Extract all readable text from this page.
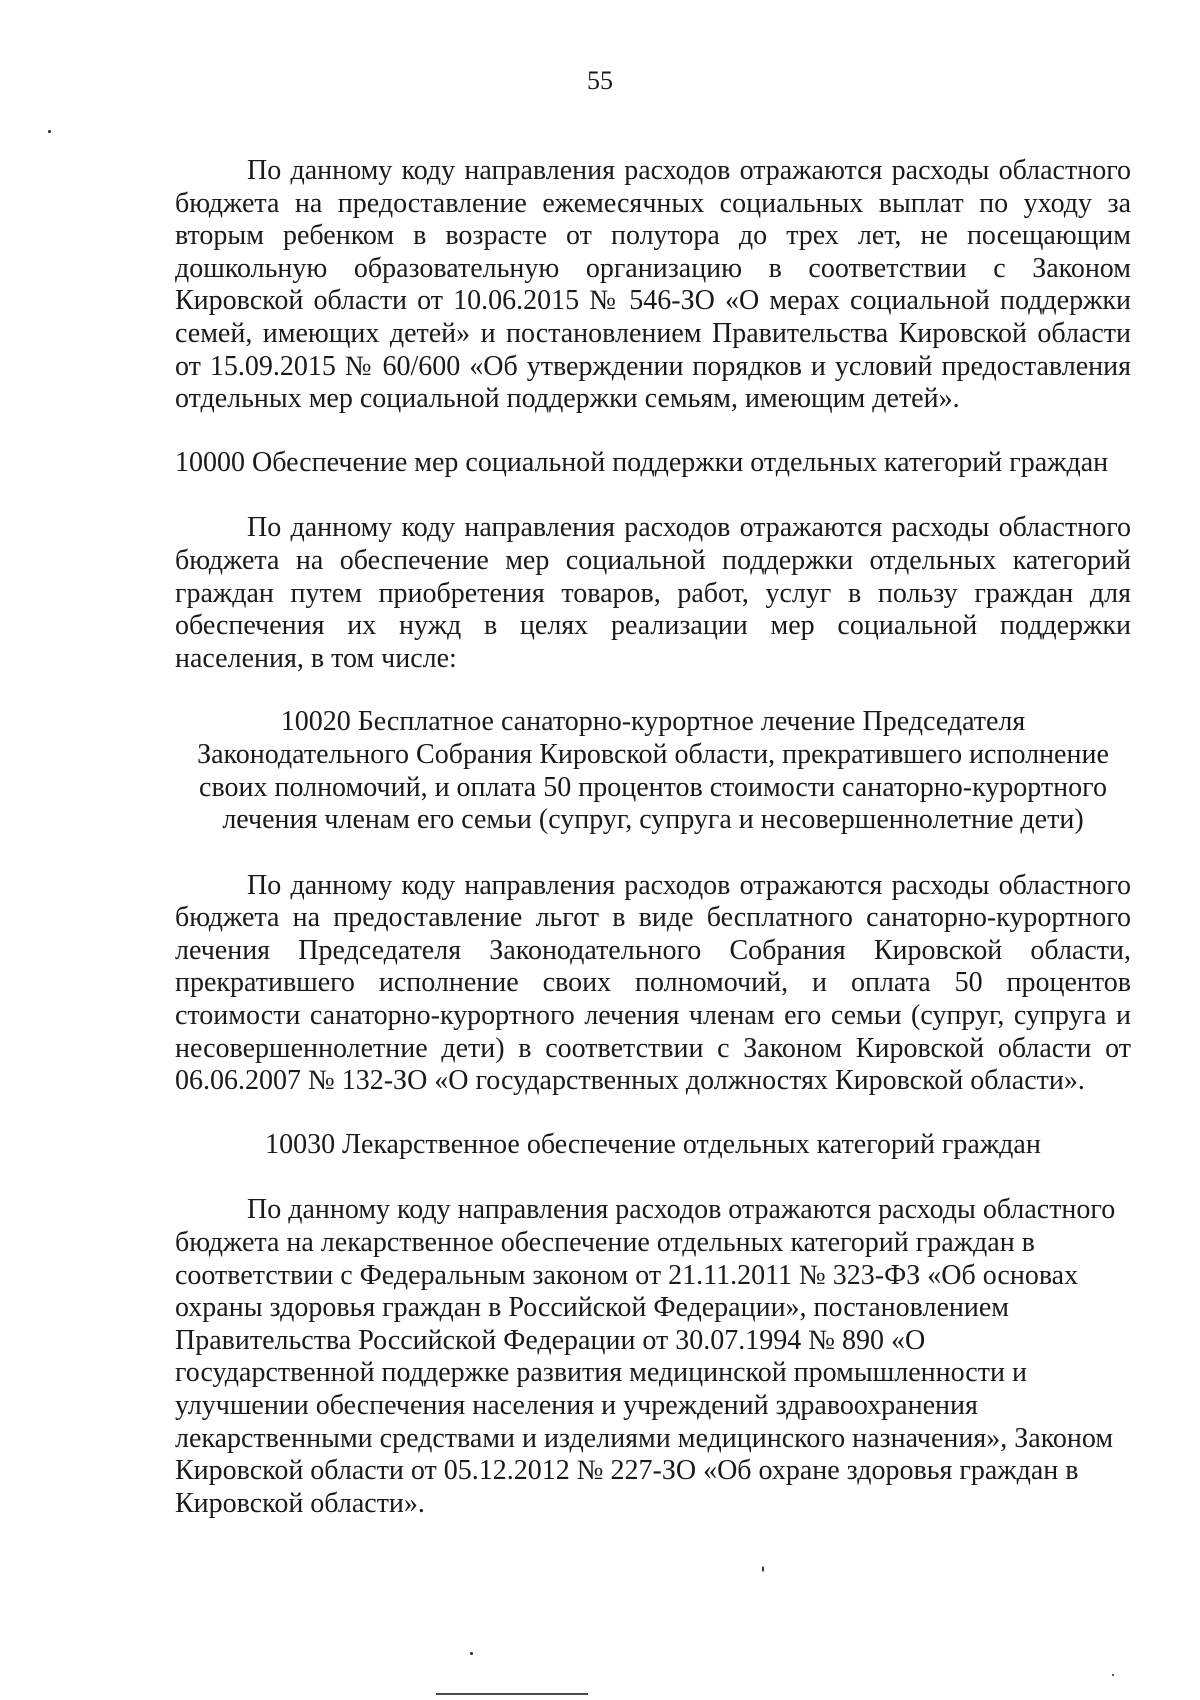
55

По данному коду направления расходов отражаются расходы областного бюджета на предоставление ежемесячных социальных выплат по уходу за вторым ребенком в возрасте от полутора до трех лет, не посещающим дошкольную образовательную организацию в соответствии с Законом Кировской области от 10.06.2015 № 546-ЗО «О мерах социальной поддержки семей, имеющих детей» и постановлением Правительства Кировской области от 15.09.2015 № 60/600 «Об утверждении порядков и условий предоставления отдельных мер социальной поддержки семьям, имеющим детей».

10000 Обеспечение мер социальной поддержки отдельных категорий граждан

По данному коду направления расходов отражаются расходы областного бюджета на обеспечение мер социальной поддержки отдельных категорий граждан путем приобретения товаров, работ, услуг в пользу граждан для обеспечения их нужд в целях реализации мер социальной поддержки населения, в том числе:

10020 Бесплатное санаторно-курортное лечение Председателя
Законодательного Собрания Кировской области, прекратившего исполнение
своих полномочий, и оплата 50 процентов стоимости санаторно-курортного
лечения членам его семьи (супруг, супруга и несовершеннолетние дети)

По данному коду направления расходов отражаются расходы областного бюджета на предоставление льгот в виде бесплатного санаторно-курортного лечения Председателя Законодательного Собрания Кировской области, прекратившего исполнение своих полномочий, и оплата 50 процентов стоимости санаторно-курортного лечения членам его семьи (супруг, супруга и несовершеннолетние дети) в соответствии с Законом Кировской области от 06.06.2007 № 132-ЗО «О государственных должностях Кировской области».

10030 Лекарственное обеспечение отдельных категорий граждан

По данному коду направления расходов отражаются расходы областного бюджета на лекарственное обеспечение отдельных категорий граждан в соответствии с Федеральным законом от 21.11.2011 № 323-ФЗ «Об основах охраны здоровья граждан в Российской Федерации», постановлением Правительства Российской Федерации от 30.07.1994 № 890 «О государственной поддержке развития медицинской промышленности и улучшении обеспечения населения и учреждений здравоохранения лекарственными средствами и изделиями медицинского назначения», Законом Кировской области от 05.12.2012 № 227-ЗО «Об охране здоровья граждан в Кировской области».
